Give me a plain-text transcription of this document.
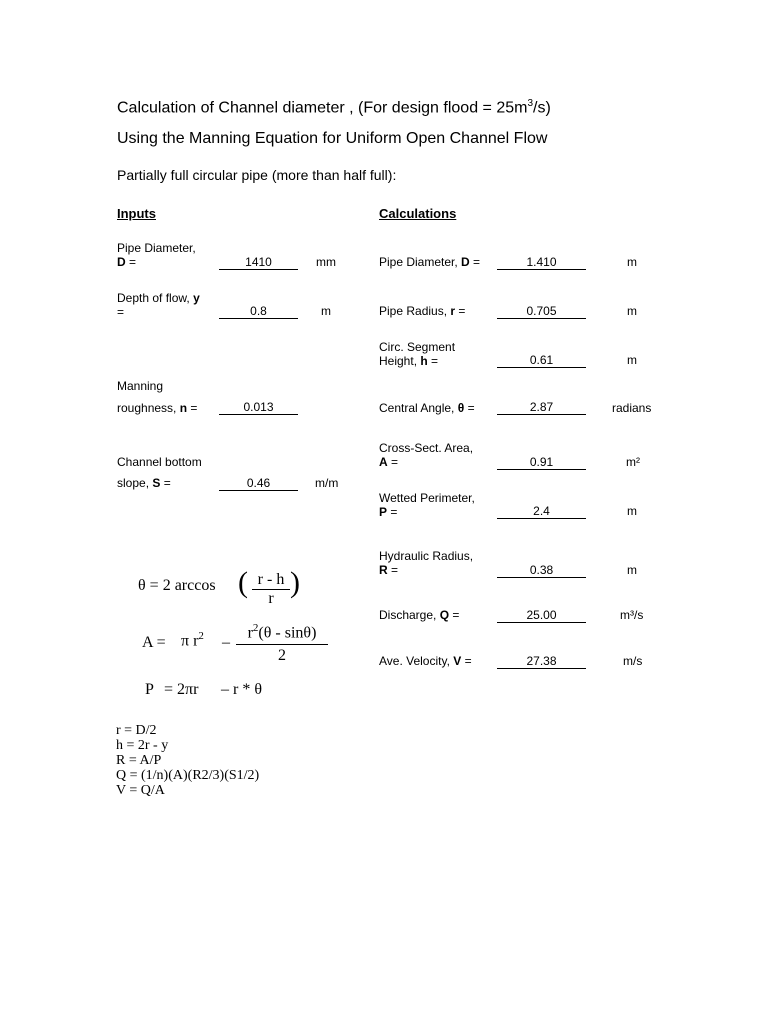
Calculation of Channel diameter , (For design flood = $25m^3/s$)
Using the Manning Equation for Uniform Open Channel Flow
Partially full circular pipe (more than half full):
Inputs	Calculations
Pipe Diameter,
D =	1410	mm
Depth of flow, y
=	0.8	m
Manning
roughness, n =	0.013
Channel bottom
slope, S =	0.46	m/m
Pipe Diameter, D =	1.410	m
Pipe Radius, r =	0.705	m
Circ. Segment
Height, h =	0.61	m
Central Angle, θ =	2.87	radians
Cross-Sect. Area,
A =	0.91	m²
Wetted Perimeter,
P =	2.4	m
Hydraulic Radius,
R =	0.38	m
Discharge, Q =	25.00	m³/s
Ave. Velocity, V =	27.38	m/s
θ = 2 arccos ( r - h
r )
A = π $r^2$ –
$r^2(\theta - \sin\theta)$
2
P = 2πr – r * θ
r = D/2
h = 2r - y
R = A/P
Q = (1/n)(A)(R2/3)(S1/2)
V = Q/A
